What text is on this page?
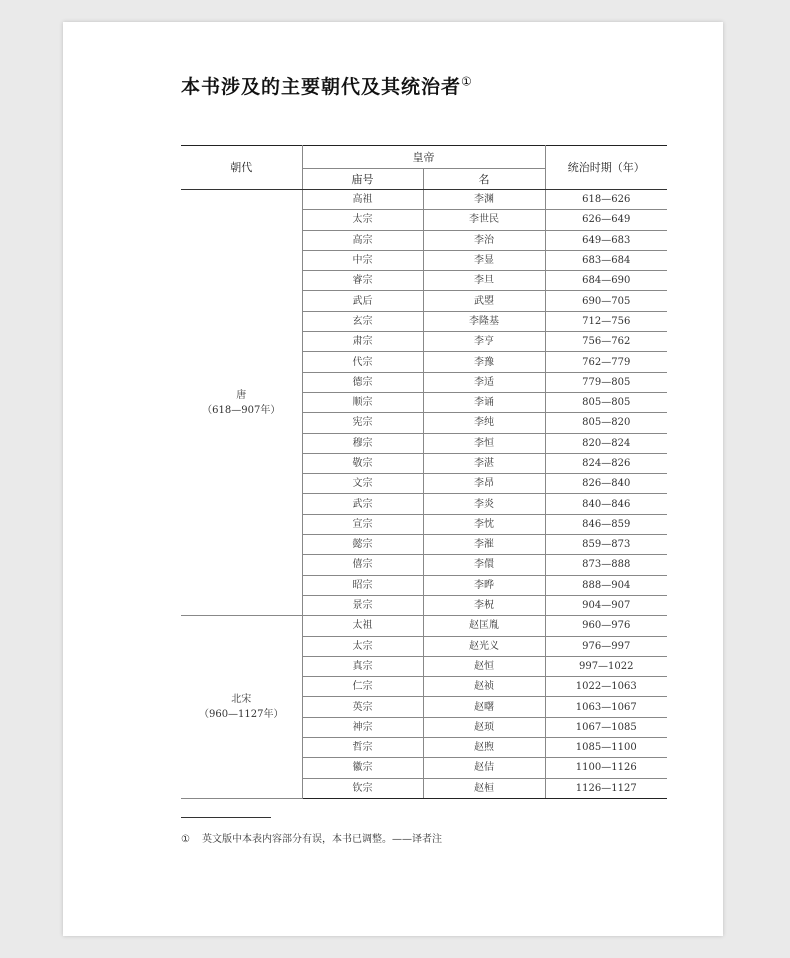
本书涉及的主要朝代及其统治者①
朝代	皇帝		统治时期（年）
	庙号	名	

唐
（618—907年）	高祖	李渊	618—626
	太宗	李世民	626—649
	高宗	李治	649—683
	中宗	李显	683—684
	睿宗	李旦	684—690
	武后	武曌	690—705
	玄宗	李隆基	712—756
	肃宗	李亨	756—762
	代宗	李豫	762—779
	德宗	李适	779—805
	顺宗	李诵	805—805
	宪宗	李纯	805—820
	穆宗	李恒	820—824
	敬宗	李湛	824—826
	文宗	李昂	826—840
	武宗	李炎	840—846
	宣宗	李忱	846—859
	懿宗	李漼	859—873
	僖宗	李儇	873—888
	昭宗	李晔	888—904
	景宗	李柷	904—907

北宋
（960—1127年）	太祖	赵匡胤	960—976
	太宗	赵光义	976—997
	真宗	赵恒	997—1022
	仁宗	赵祯	1022—1063
	英宗	赵曙	1063—1067
	神宗	赵顼	1067—1085
	哲宗	赵煦	1085—1100
	徽宗	赵佶	1100—1126
	钦宗	赵桓	1126—1127
① 英文版中本表内容部分有误，本书已调整。——译者注
